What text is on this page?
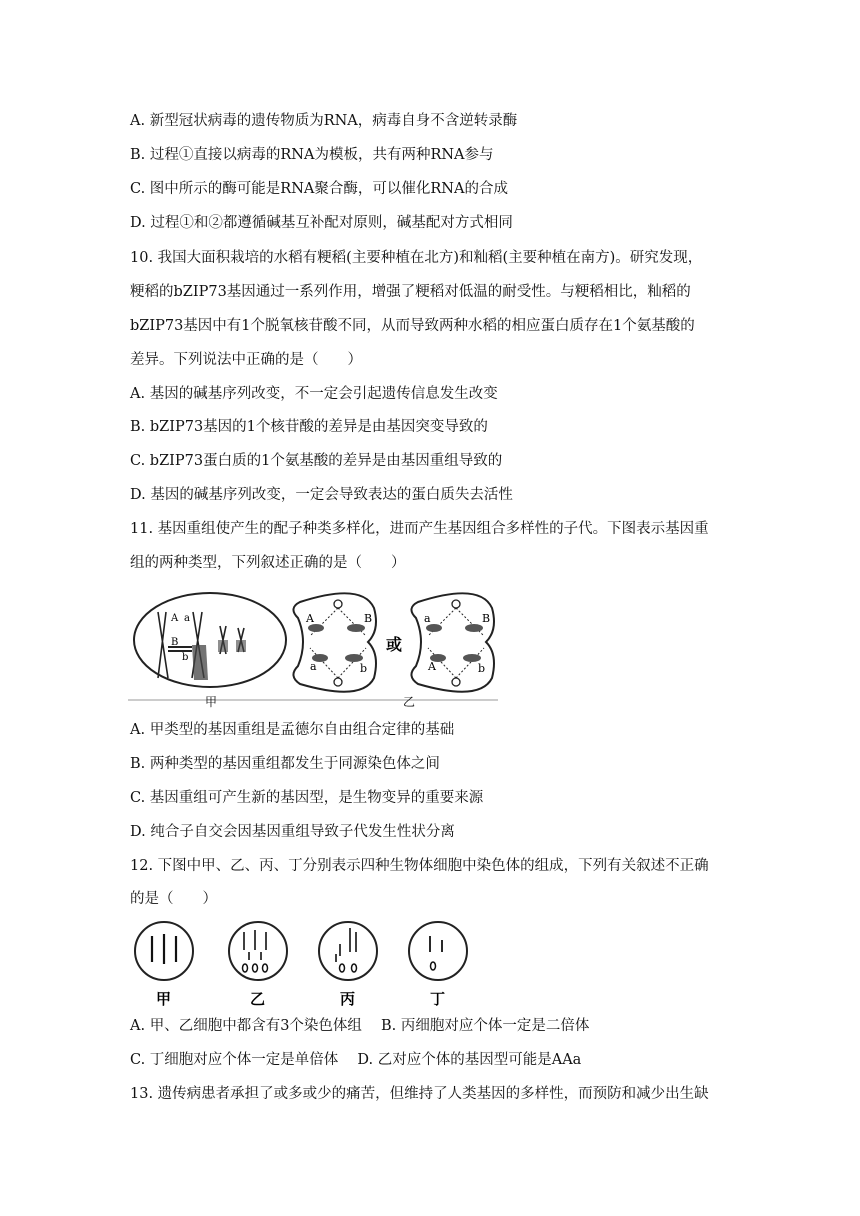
A. 新型冠状病毒的遗传物质为RNA，病毒自身不含逆转录酶
B. 过程①直接以病毒的RNA为模板，共有两种RNA参与
C. 图中所示的酶可能是RNA聚合酶，可以催化RNA的合成
D. 过程①和②都遵循碱基互补配对原则，碱基配对方式相同
10. 我国大面积栽培的水稻有粳稻(主要种植在北方)和籼稻(主要种植在南方)。研究发现，
粳稻的bZIP73基因通过一系列作用，增强了粳稻对低温的耐受性。与粳稻相比，籼稻的
bZIP73基因中有1个脱氧核苷酸不同，从而导致两种水稻的相应蛋白质存在1个氨基酸的
差异。下列说法中正确的是（　　）
A. 基因的碱基序列改变，不一定会引起遗传信息发生改变
B. bZIP73基因的1个核苷酸的差异是由基因突变导致的
C. bZIP73蛋白质的1个氨基酸的差异是由基因重组导致的
D. 基因的碱基序列改变，一定会导致表达的蛋白质失去活性
11. 基因重组使产生的配子种类多样化，进而产生基因组合多样性的子代。下图表示基因重
组的两种类型，下列叙述正确的是（　　）
A a
B
b
A	B
a	b
或
a	B
A	b
甲	乙
A. 甲类型的基因重组是孟德尔自由组合定律的基础
B. 两种类型的基因重组都发生于同源染色体之间
C. 基因重组可产生新的基因型，是生物变异的重要来源
D. 纯合子自交会因基因重组导致子代发生性状分离
12. 下图中甲、乙、丙、丁分别表示四种生物体细胞中染色体的组成，下列有关叙述不正确
的是（　　）
甲	乙	丙	丁
A. 甲、乙细胞中都含有3个染色体组　 B. 丙细胞对应个体一定是二倍体
C. 丁细胞对应个体一定是单倍体　 D. 乙对应个体的基因型可能是AAa
13. 遗传病患者承担了或多或少的痛苦，但维持了人类基因的多样性，而预防和减少出生缺
